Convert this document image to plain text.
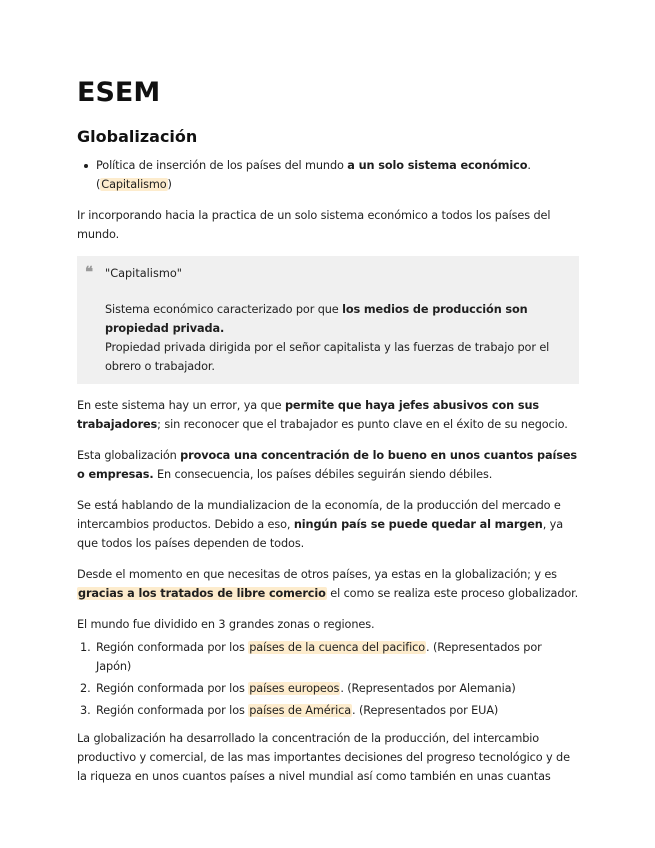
ESEM
Globalización
Política de inserción de los países del mundo a un solo sistema económico. (Capitalismo)

Ir incorporando hacia la practica de un solo sistema económico a todos los países del mundo.

❝ "Capitalismo"

Sistema económico caracterizado por que los medios de producción son propiedad privada.

Propiedad privada dirigida por el señor capitalista y las fuerzas de trabajo por el obrero o trabajador.

En este sistema hay un error, ya que permite que haya jefes abusivos con sus trabajadores; sin reconocer que el trabajador es punto clave en el éxito de su negocio.

Esta globalización provoca una concentración de lo bueno en unos cuantos países o empresas. En consecuencia, los países débiles seguirán siendo débiles.

Se está hablando de la mundializacion de la economía, de la producción del mercado e intercambios productos. Debido a eso, ningún país se puede quedar al margen, ya que todos los países dependen de todos.

Desde el momento en que necesitas de otros países, ya estas en la globalización; y es gracias a los tratados de libre comercio el como se realiza este proceso globalizador.

El mundo fue dividido en 3 grandes zonas o regiones.

1. Región conformada por los países de la cuenca del pacifico. (Representados por Japón)
2. Región conformada por los países europeos. (Representados por Alemania)
3. Región conformada por los países de América. (Representados por EUA)

La globalización ha desarrollado la concentración de la producción, del intercambio productivo y comercial, de las mas importantes decisiones del progreso tecnológico y de la riqueza en unos cuantos países a nivel mundial así como también en unas cuantas
